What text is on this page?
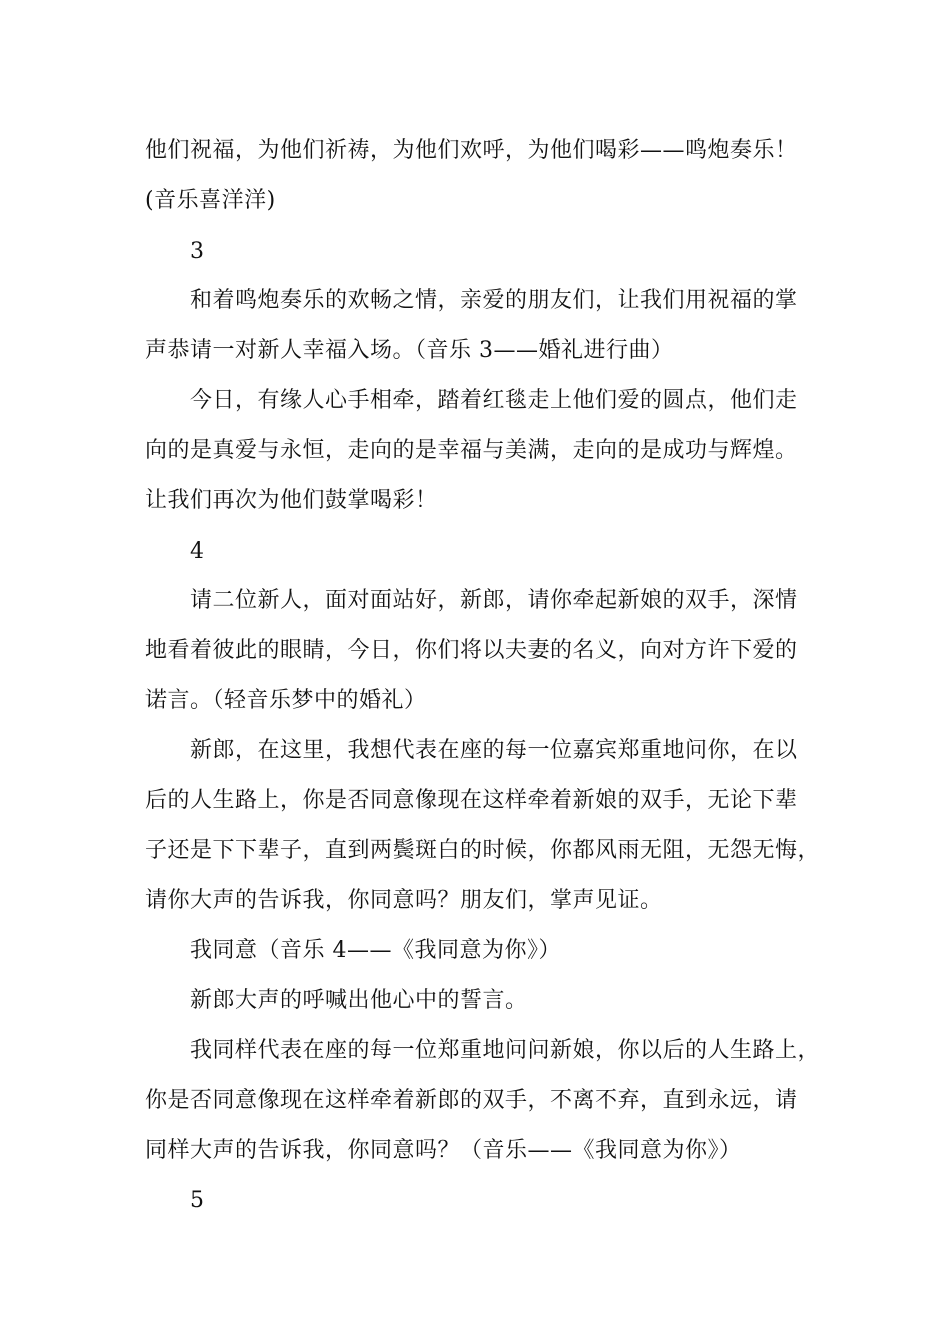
他们祝福，为他们祈祷，为他们欢呼，为他们喝彩——鸣炮奏乐！
(音乐喜洋洋)
3
和着鸣炮奏乐的欢畅之情，亲爱的朋友们，让我们用祝福的掌
声恭请一对新人幸福入场。（音乐 3——婚礼进行曲）
今日，有缘人心手相牵，踏着红毯走上他们爱的圆点，他们走
向的是真爱与永恒，走向的是幸福与美满，走向的是成功与辉煌。
让我们再次为他们鼓掌喝彩！
4
请二位新人，面对面站好，新郎，请你牵起新娘的双手，深情
地看着彼此的眼睛，今日，你们将以夫妻的名义，向对方许下爱的
诺言。（轻音乐梦中的婚礼）
新郎，在这里，我想代表在座的每一位嘉宾郑重地问你，在以
后的人生路上，你是否同意像现在这样牵着新娘的双手，无论下辈
子还是下下辈子，直到两鬓斑白的时候，你都风雨无阻，无怨无悔，
请你大声的告诉我，你同意吗？朋友们，掌声见证。
我同意（音乐 4——《我同意为你》）
新郎大声的呼喊出他心中的誓言。
我同样代表在座的每一位郑重地问问新娘，你以后的人生路上，
你是否同意像现在这样牵着新郎的双手，不离不弃，直到永远，请
同样大声的告诉我，你同意吗？（音乐——《我同意为你》）
5
